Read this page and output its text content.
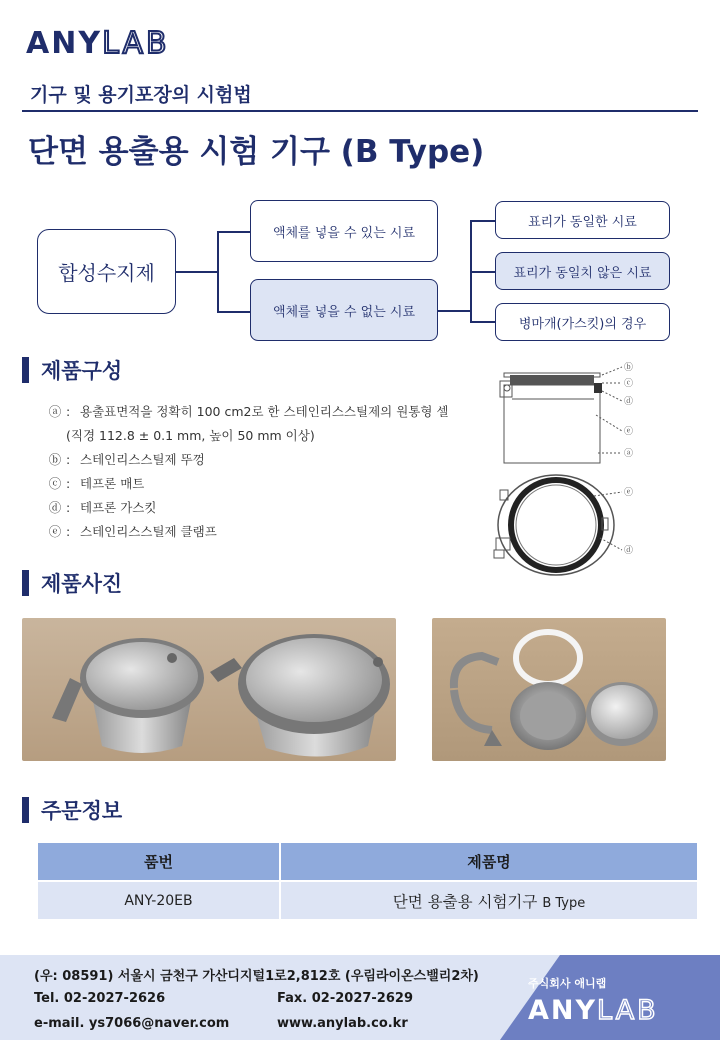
ANYLAB
기구 및 용기포장의 시험법
단면 용출용 시험 기구 (B Type)
합성수지제
액체를 넣을 수 있는 시료
액체를 넣을 수 없는 시료
표리가 동일한 시료
표리가 동일치 않은 시료
병마개(가스킷)의 경우
제품구성
ⓐ : 용출표면적을 정확히 100 cm2로 한 스테인리스스틸제의 원통형 셀
(직경 112.8 ± 0.1 mm, 높이 50 mm 이상)
ⓑ : 스테인리스스틸제 뚜껑
ⓒ : 테프론 매트
ⓓ : 테프론 가스킷
ⓔ : 스테인리스스틸제 클램프
ⓑ
ⓒ
ⓓ
ⓔ
ⓐ
ⓔ
ⓓ
제품사진
주문정보
품번	제품명
ANY-20EB	단면 용출용 시험기구 B Type
(우: 08591) 서울시 금천구 가산디지털1로2,812호 (우림라이온스밸리2차)
Tel. 02-2027-2626	Fax. 02-2027-2629
e-mail. ys7066@naver.com	www.anylab.co.kr
주식회사 애니랩
ANYLAB
